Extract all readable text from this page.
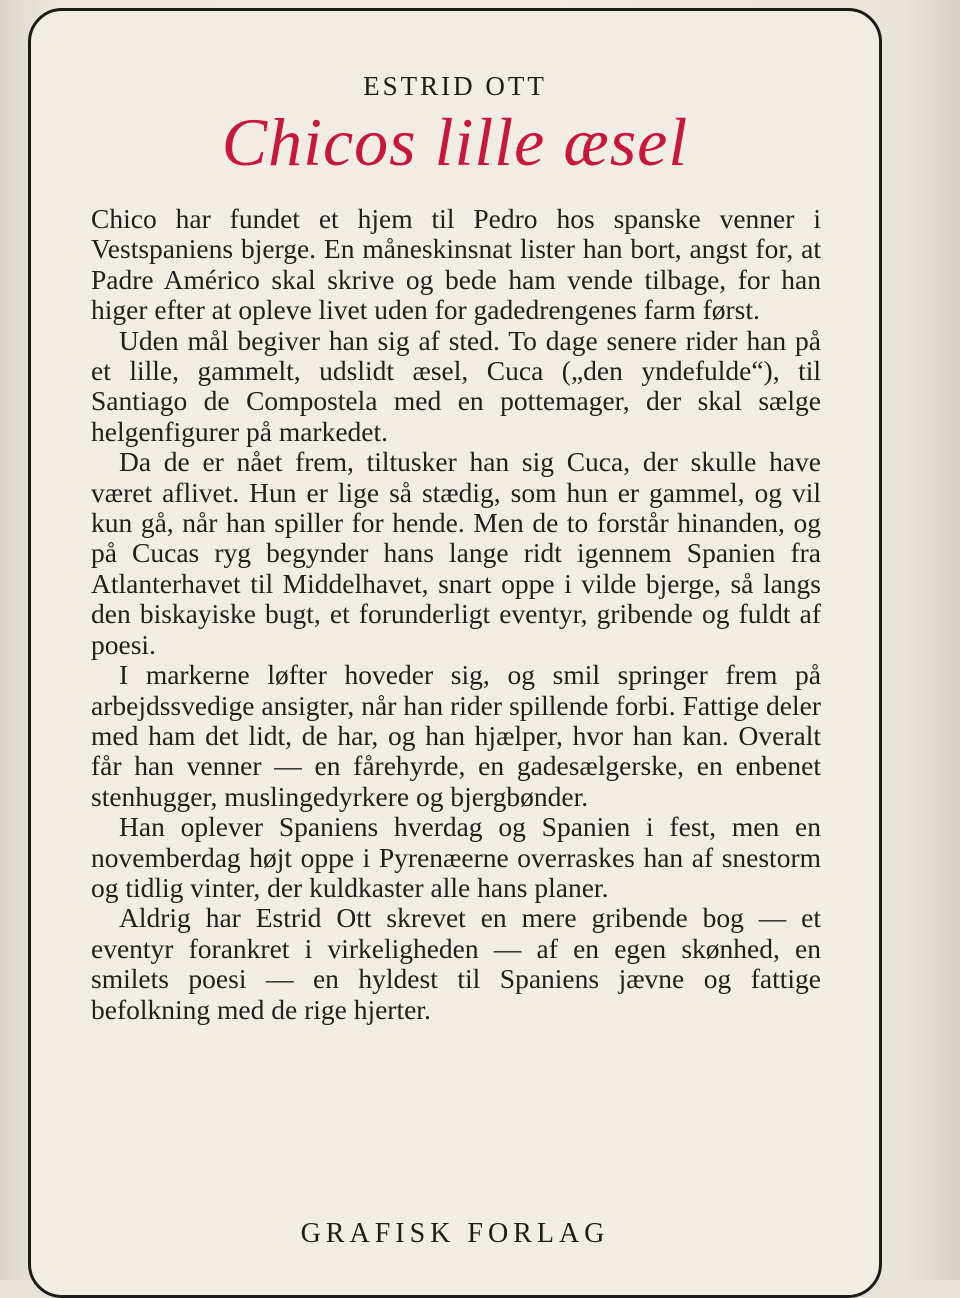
ESTRID OTT
Chicos lille æsel

Chico har fundet et hjem til Pedro hos spanske venner i Vestspaniens bjerge. En måneskinsnat lister han bort, angst for, at Padre Américo skal skrive og bede ham vende tilbage, for han higer efter at opleve livet uden for gadedrengenes farm først.

Uden mål begiver han sig af sted. To dage senere rider han på et lille, gammelt, udslidt æsel, Cuca („den yndefulde“), til Santiago de Compostela med en pottemager, der skal sælge helgenfigurer på markedet.

Da de er nået frem, tiltusker han sig Cuca, der skulle have været aflivet. Hun er lige så stædig, som hun er gammel, og vil kun gå, når han spiller for hende. Men de to forstår hinanden, og på Cucas ryg begynder hans lange ridt igennem Spanien fra Atlanterhavet til Middelhavet, snart oppe i vilde bjerge, så langs den biskayiske bugt, et forunderligt eventyr, gribende og fuldt af poesi.

I markerne løfter hoveder sig, og smil springer frem på arbejdssvedige ansigter, når han rider spillende forbi. Fattige deler med ham det lidt, de har, og han hjælper, hvor han kan. Overalt får han venner — en fårehyrde, en gadesælgerske, en enbenet stenhugger, muslingedyrkere og bjergbønder.

Han oplever Spaniens hverdag og Spanien i fest, men en novemberdag højt oppe i Pyrenæerne overraskes han af snestorm og tidlig vinter, der kuldkaster alle hans planer.

Aldrig har Estrid Ott skrevet en mere gribende bog — et eventyr forankret i virkeligheden — af en egen skønhed, en smilets poesi — en hyldest til Spaniens jævne og fattige befolkning med de rige hjerter.

GRAFISK FORLAG
